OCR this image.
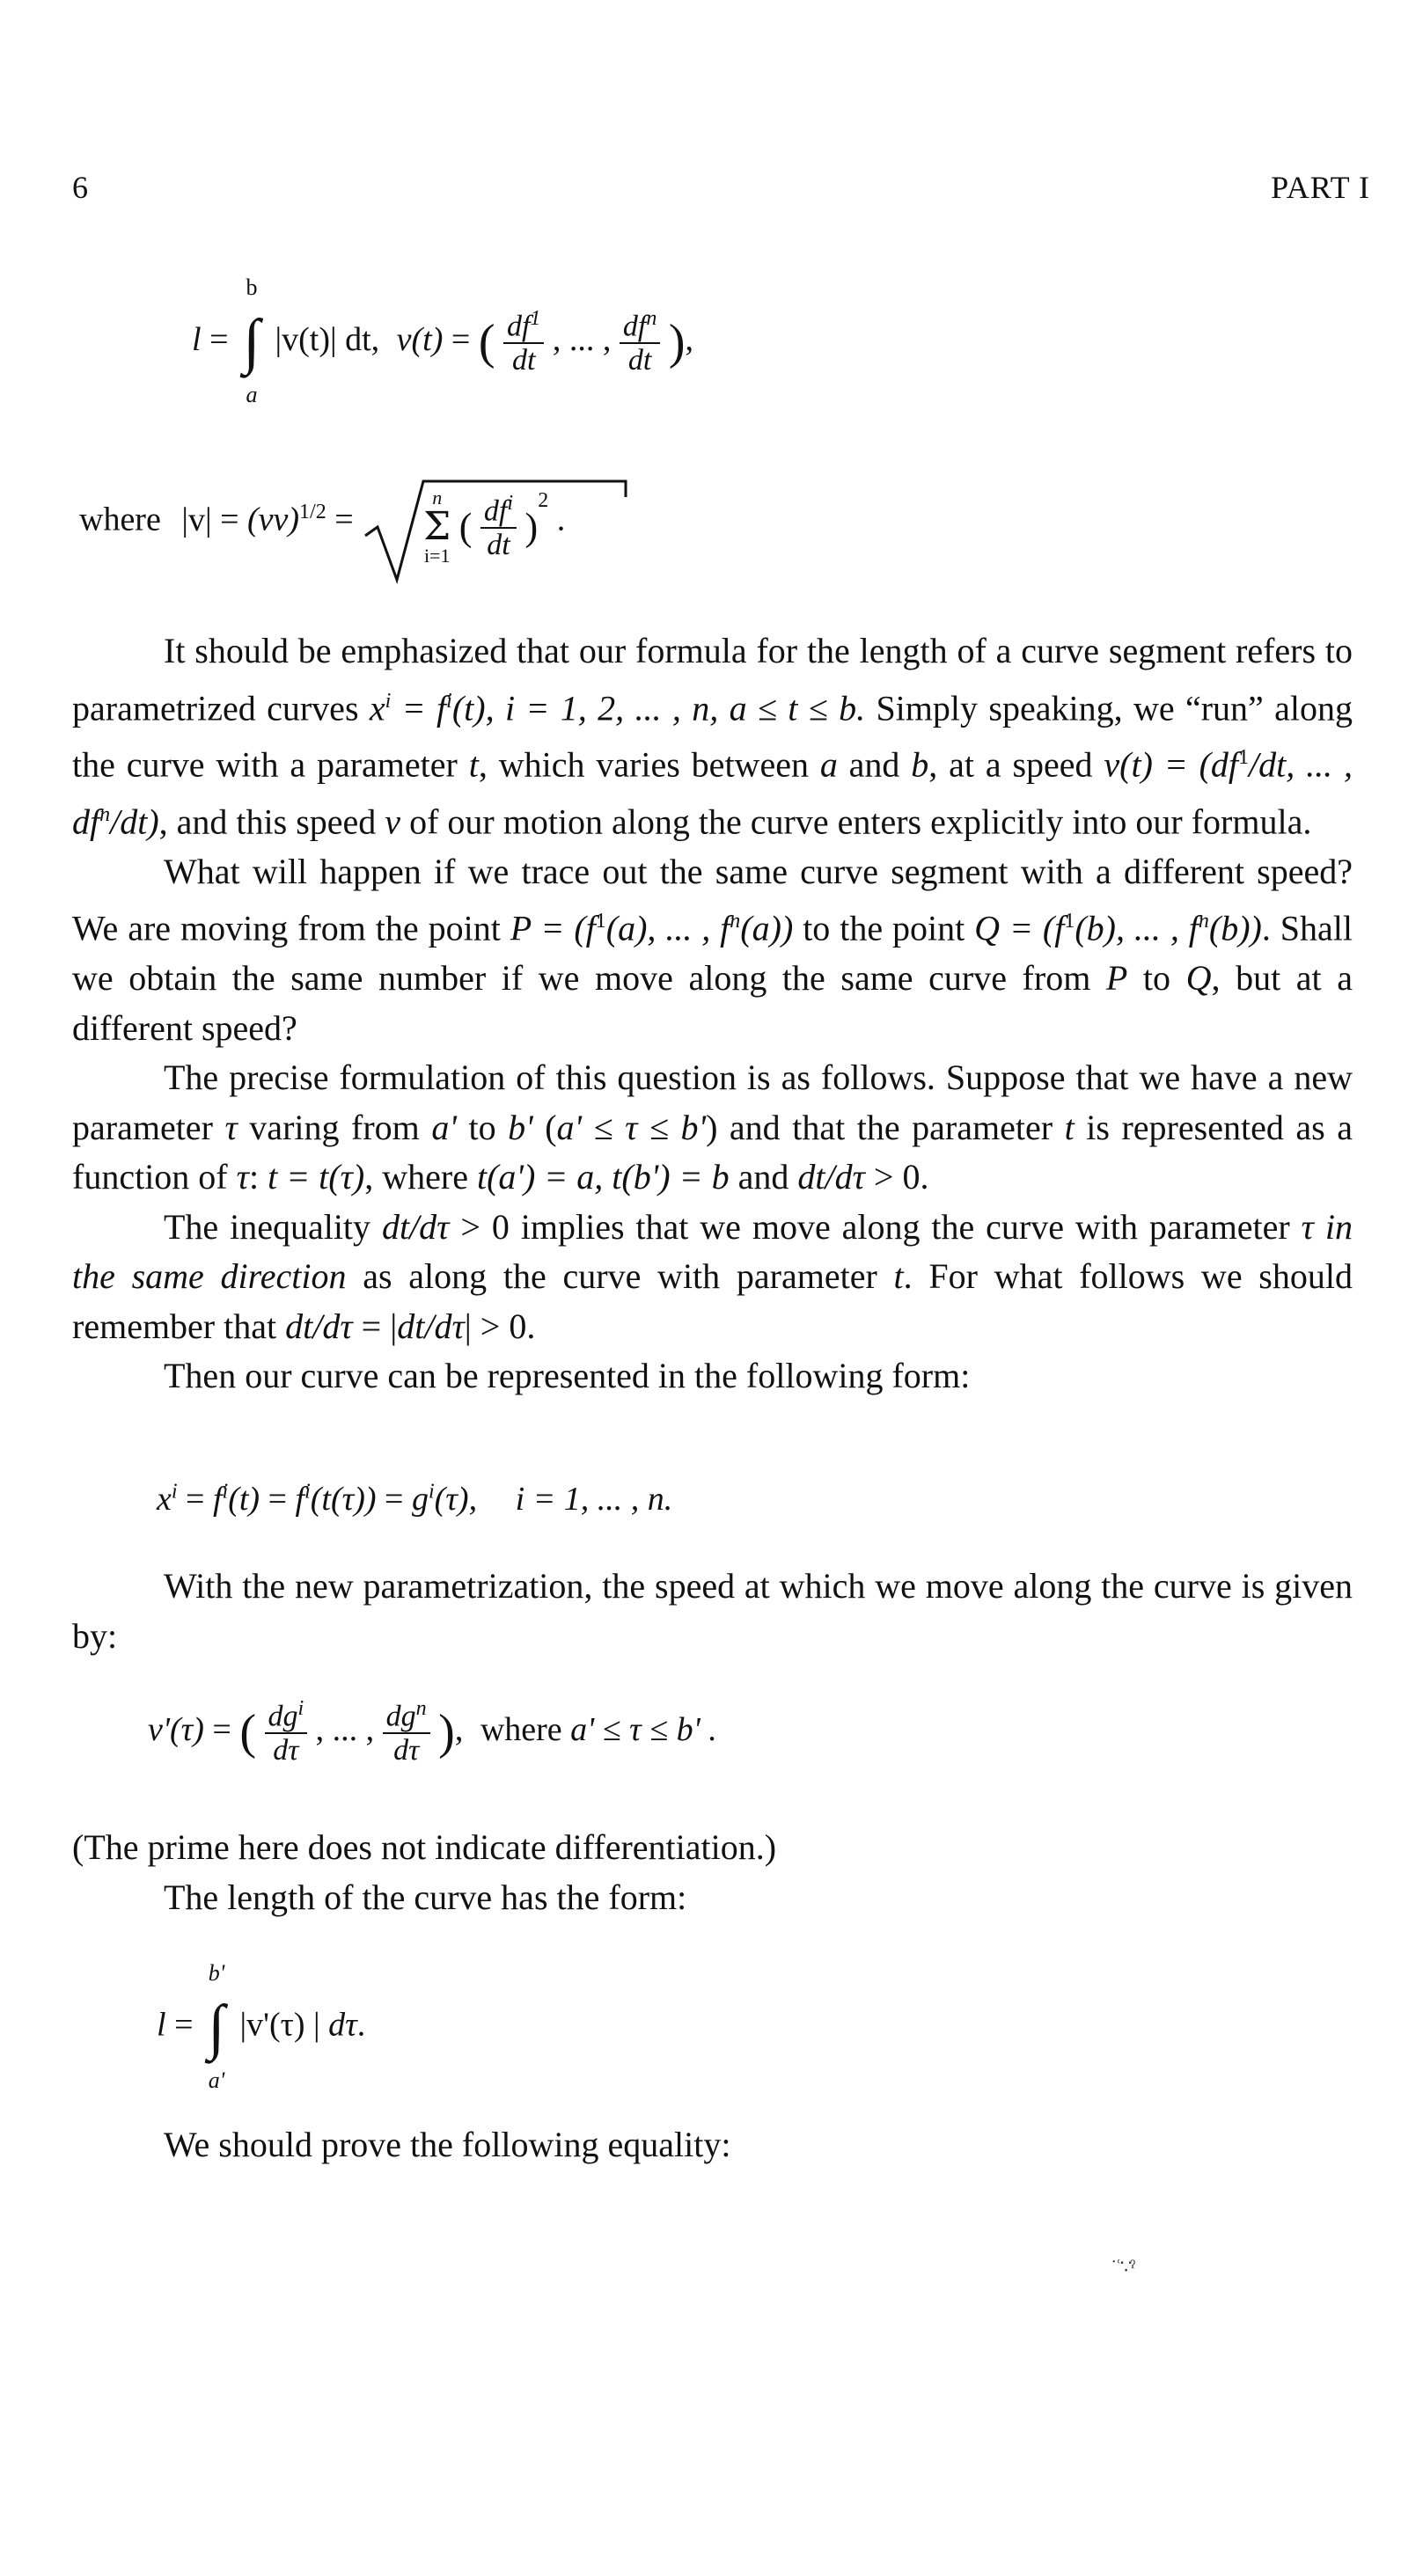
6	PART I
l =
b
∫
a
|v(t)| dt, v(t) = ( $\frac{df^1}{dt}$ , ... , $\frac{df^n}{dt}$ ),
where |v| = (vv)$^{1/2}$ =
n
Σ
i=1
( $\frac{df^i}{dt} )^2$ .

It should be emphasized that our formula for the length of a curve segment refers to parametrized curves $x^i = f^i(t)$, i = 1, 2, ... , n, a ≤ t ≤ b. Simply speaking, we “run” along the curve with a parameter t, which varies between a and b, at a speed $v(t) = (df^1/dt$, ... , $df^n/dt$), and this speed v of our motion along the curve enters explicitly into our formula.

What will happen if we trace out the same curve segment with a different speed? We are moving from the point $P = (f^1(a)$, ... , $f^n(a)$) to the point $Q = (f^1(b)$, ... , $f^n(b)$). Shall we obtain the same number if we move along the same curve from P to Q, but at a different speed?

The precise formulation of this question is as follows. Suppose that we have a new parameter τ varing from a' to b' (a' ≤ τ ≤ b') and that the parameter t is represented as a function of τ: t = t(τ), where t(a') = a, t(b') = b and dt/dτ > 0.

The inequality dt/dτ > 0 implies that we move along the curve with parameter τ in the same direction as along the curve with parameter t. For what follows we should remember that dt/dτ = |dt/dτ| > 0.

Then our curve can be represented in the following form:

$x^i = f^i(t) = f^i(t(\tau)) = g^i(\tau)$, i = 1, ... , n.

With the new parametrization, the speed at which we move along the curve is given by:

v'(τ) = ( $\frac{dg^i}{d\tau}$ , ... , $\frac{dg^n}{d\tau}$ ), where a' ≤ τ ≤ b' .

(The prime here does not indicate differentiation.)

The length of the curve has the form:

l =
b'
∫
a'
|v'(τ) | dτ.

We should prove the following equality:

˙ʿ∵ˀ
